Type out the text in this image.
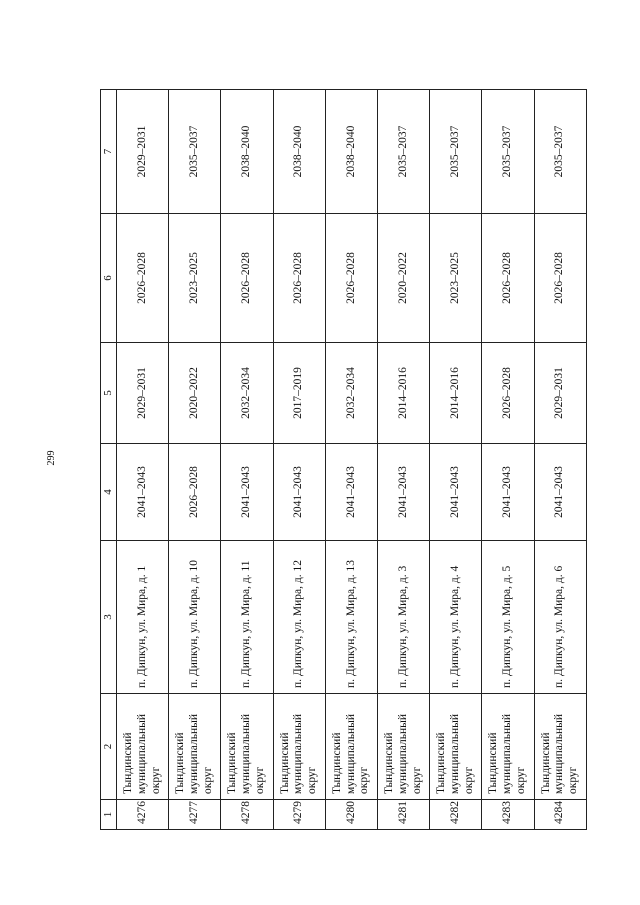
299
1	2	3	4	5	6	7
4276	Тындинский муниципальный округ	п. Дипкун, ул. Мира, д. 1	2041–2043	2029–2031	2026–2028	2029–2031
4277	Тындинский муниципальный округ	п. Дипкун, ул. Мира, д. 10	2026–2028	2020–2022	2023–2025	2035–2037
4278	Тындинский муниципальный округ	п. Дипкун, ул. Мира, д. 11	2041–2043	2032–2034	2026–2028	2038–2040
4279	Тындинский муниципальный округ	п. Дипкун, ул. Мира, д. 12	2041–2043	2017–2019	2026–2028	2038–2040
4280	Тындинский муниципальный округ	п. Дипкун, ул. Мира, д. 13	2041–2043	2032–2034	2026–2028	2038–2040
4281	Тындинский муниципальный округ	п. Дипкун, ул. Мира, д. 3	2041–2043	2014–2016	2020–2022	2035–2037
4282	Тындинский муниципальный округ	п. Дипкун, ул. Мира, д. 4	2041–2043	2014–2016	2023–2025	2035–2037
4283	Тындинский муниципальный округ	п. Дипкун, ул. Мира, д. 5	2041–2043	2026–2028	2026–2028	2035–2037
4284	Тындинский муниципальный округ	п. Дипкун, ул. Мира, д. 6	2041–2043	2029–2031	2026–2028	2035–2037
